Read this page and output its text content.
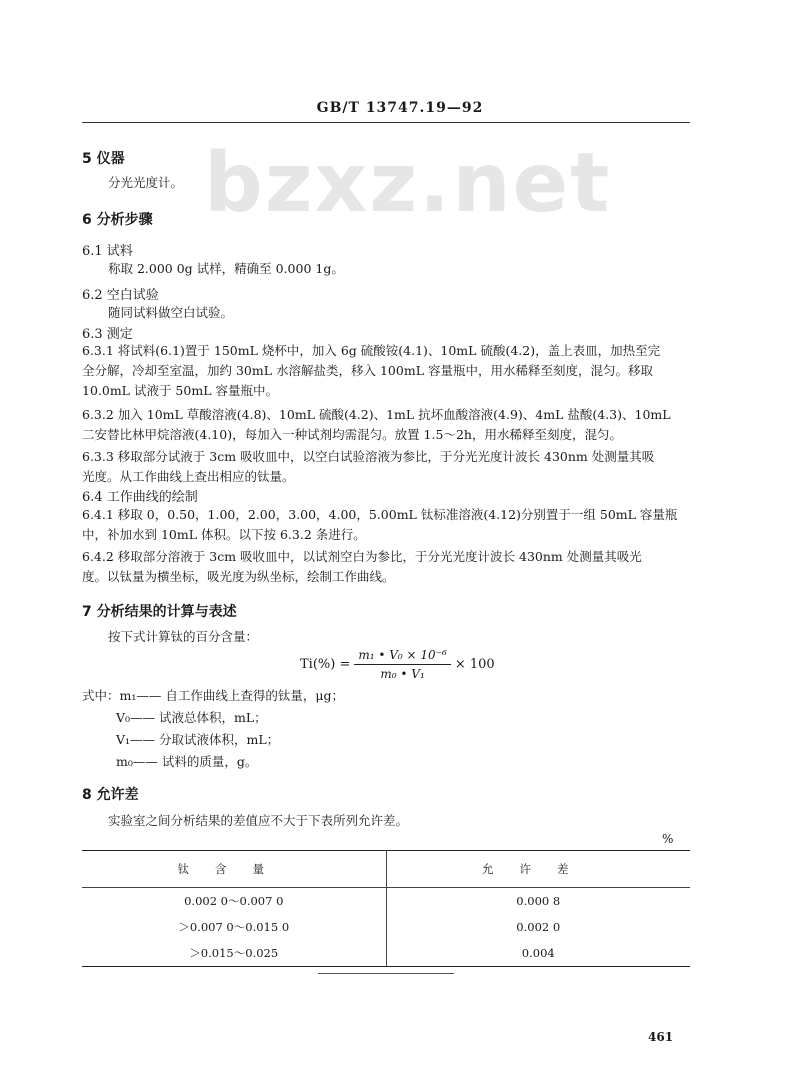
bzxz.net
GB/T 13747.19—92
5 仪器
分光光度计。
6 分析步骤
6.1 试料
称取 2.000 0g 试样，精确至 0.000 1g。
6.2 空白试验
随同试料做空白试验。
6.3 测定
6.3.1 将试料(6.1)置于 150mL 烧杯中，加入 6g 硫酸铵(4.1)、10mL 硫酸(4.2)，盖上表皿，加热至完
全分解，冷却至室温，加约 30mL 水溶解盐类，移入 100mL 容量瓶中，用水稀释至刻度，混匀。移取
10.0mL 试液于 50mL 容量瓶中。
6.3.2 加入 10mL 草酸溶液(4.8)、10mL 硫酸(4.2)、1mL 抗坏血酸溶液(4.9)、4mL 盐酸(4.3)、10mL
二安替比林甲烷溶液(4.10)，每加入一种试剂均需混匀。放置 1.5～2h，用水稀释至刻度，混匀。
6.3.3 移取部分试液于 3cm 吸收皿中，以空白试验溶液为参比，于分光光度计波长 430nm 处测量其吸
光度。从工作曲线上查出相应的钛量。
6.4 工作曲线的绘制
6.4.1 移取 0，0.50，1.00，2.00，3.00，4.00，5.00mL 钛标准溶液(4.12)分别置于一组 50mL 容量瓶
中，补加水到 10mL 体积。以下按 6.3.2 条进行。
6.4.2 移取部分溶液于 3cm 吸收皿中，以试剂空白为参比，于分光光度计波长 430nm 处测量其吸光
度。以钛量为横坐标，吸光度为纵坐标，绘制工作曲线。
7 分析结果的计算与表述
按下式计算钛的百分含量：
$Ti(\%) = \frac{\text{m₁ • V₀ × 10⁻⁶}}{\text{m₀ • V₁}} \times 100$
式中：m₁—— 自工作曲线上查得的钛量，μg；
V₀—— 试液总体积，mL；
V₁—— 分取试液体积，mL；
m₀—— 试料的质量，g。
8 允许差
实验室之间分析结果的差值应不大于下表所列允许差。
%
钛含量	允许差
0.002 0～0.007 0	0.000 8
＞0.007 0～0.015 0	0.002 0
＞0.015～0.025	0.004
461
